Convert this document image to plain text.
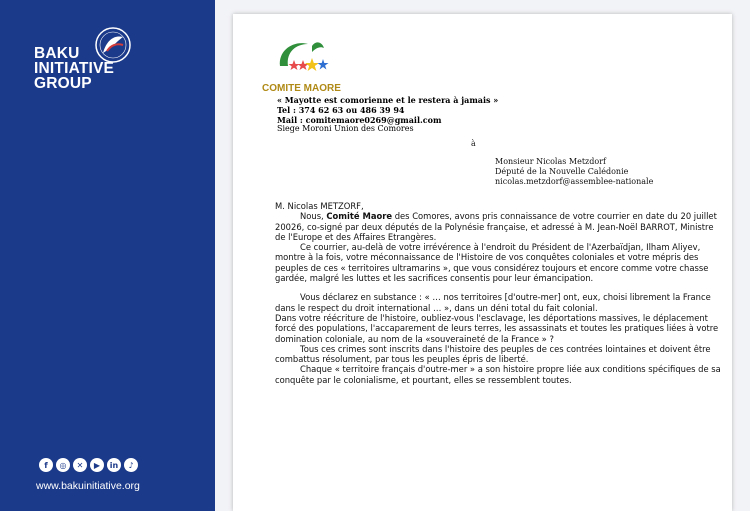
BAKU
INITIATIVE
GROUP
f	◎	✕	▶	in	♪
www.bakuinitiative.org
COMITE MAORE
« Mayotte est comorienne et le restera à jamais »
Tel : 374 62 63 ou 486 39 94
Mail : comitemaore0269@gmail.com
Siege Moroni Union des Comores
à
Monsieur Nicolas Metzdorf
Député de la Nouvelle Calédonie
nicolas.metzdorf@assemblee-nationale

M. Nicolas METZORF,

Nous, Comité Maore des Comores, avons pris connaissance de votre courrier en date du 20 juillet 20026, co-signé par deux députés de la Polynésie française, et adressé à M. Jean-Noël BARROT, Ministre de l'Europe et des Affaires Etrangères.

Ce courrier, au-delà de votre irrévérence à l'endroit du Président de l'Azerbaïdjan, Ilham Aliyev, montre à la fois, votre méconnaissance de l'Histoire de vos conquêtes coloniales et votre mépris des peuples de ces « territoires ultramarins », que vous considérez toujours et encore comme votre chasse gardée, malgré les luttes et les sacrifices consentis pour leur émancipation.

Vous déclarez en substance : « … nos territoires [d'outre-mer] ont, eux, choisi librement la France dans le respect du droit international … », dans un déni total du fait colonial.

Dans votre réécriture de l'histoire, oubliez-vous l'esclavage, les déportations massives, le déplacement forcé des populations, l'accaparement de leurs terres, les assassinats et toutes les pratiques liées à votre domination coloniale, au nom de la «souveraineté de la France » ?

Tous ces crimes sont inscrits dans l'histoire des peuples de ces contrées lointaines et doivent être combattus résolument, par tous les peuples épris de liberté.

Chaque « territoire français d'outre-mer » a son histoire propre liée aux conditions spécifiques de sa conquête par le colonialisme, et pourtant, elles se ressemblent toutes.
